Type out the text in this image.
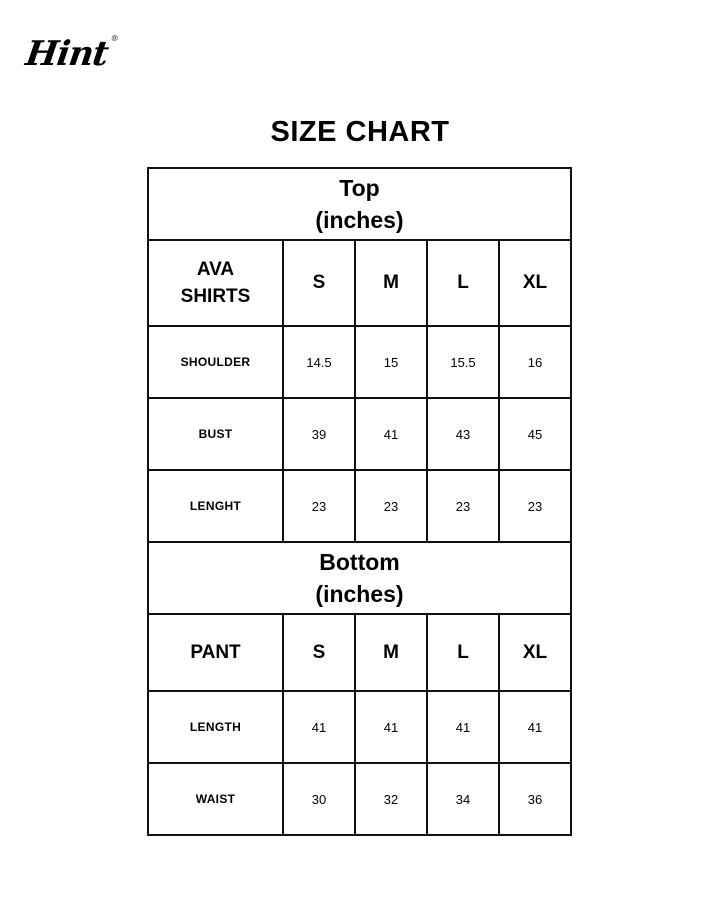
Hint®
SIZE CHART
Top
(inches)				

AVA
SHIRTS	S	M	L	XL
SHOULDER	14.5	15	15.5	16
BUST	39	41	43	45
LENGHT	23	23	23	23

Bottom
(inches)				

PANT	S	M	L	XL
LENGTH	41	41	41	41
WAIST	30	32	34	36
